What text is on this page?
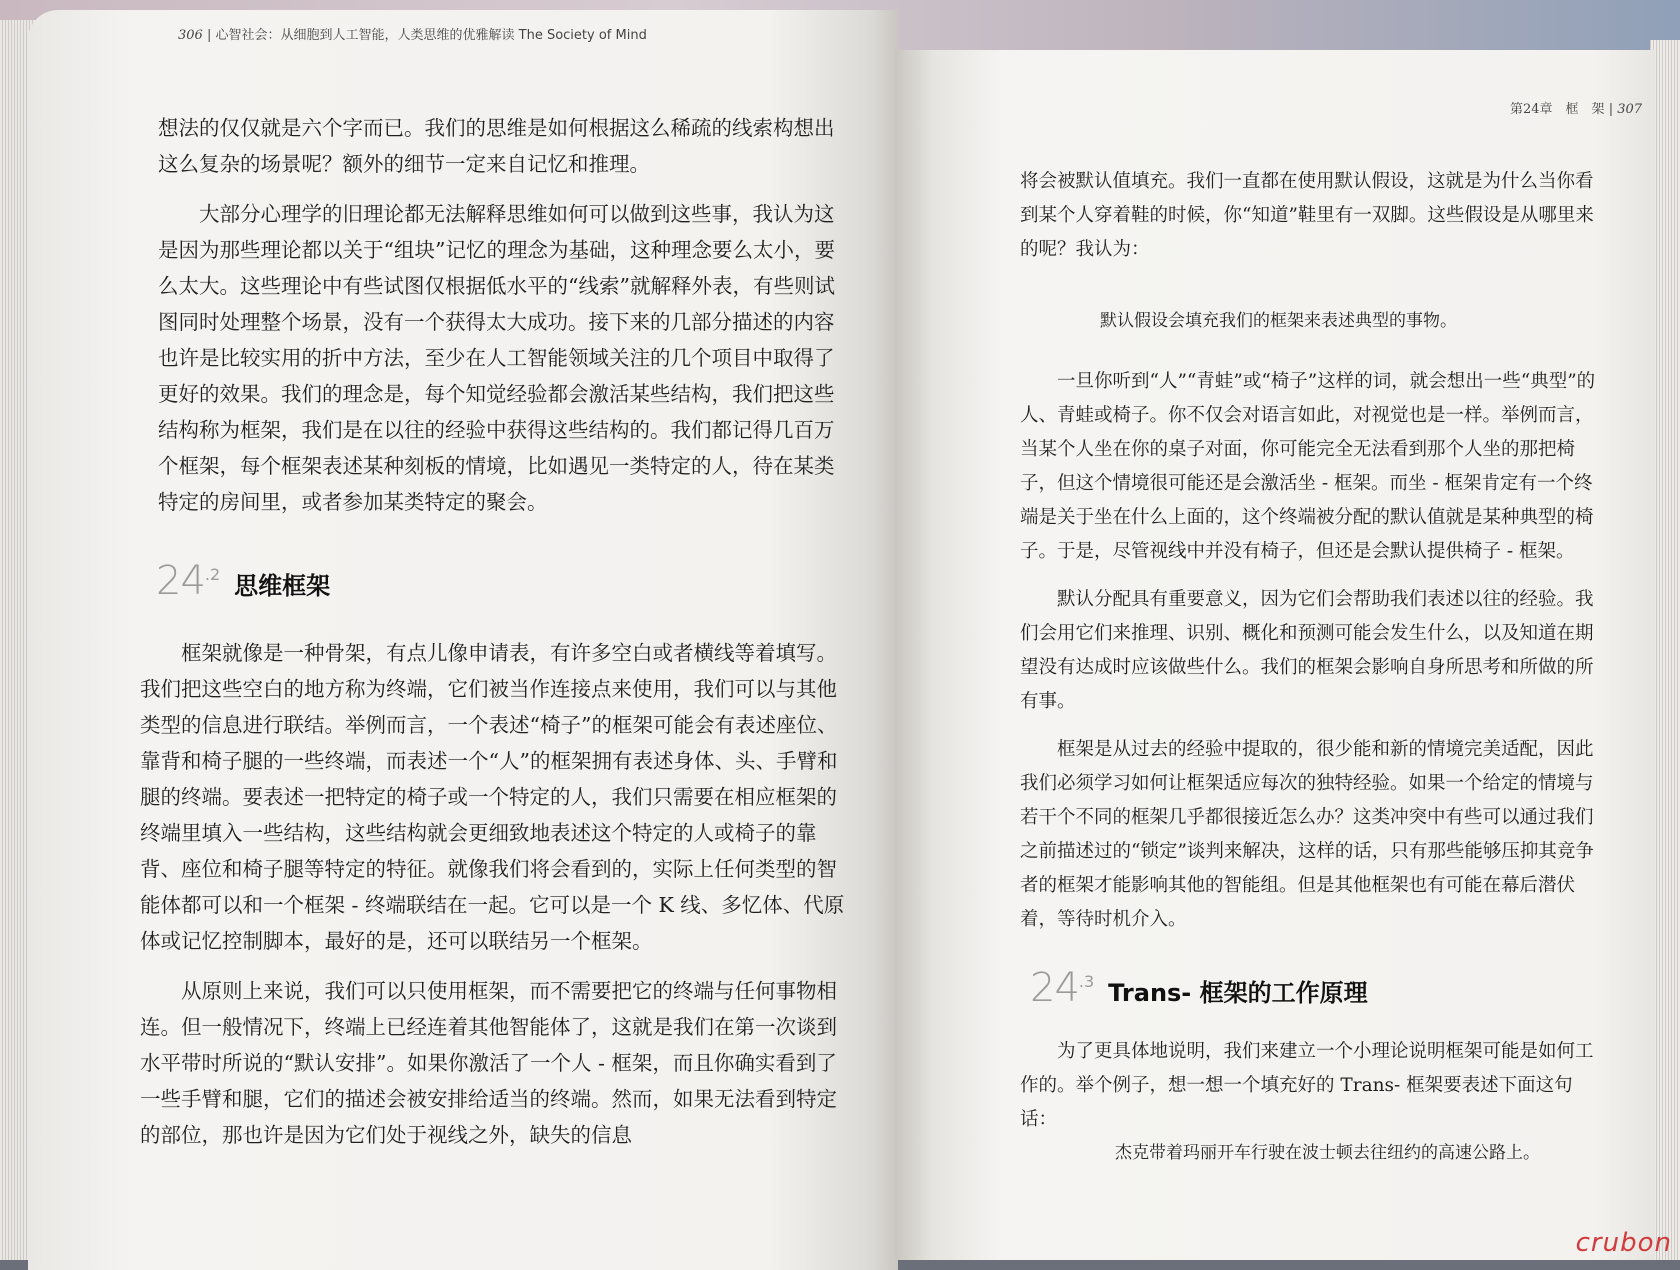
306 | 心智社会：从细胞到人工智能，人类思维的优雅解读 The Society of Mind

想法的仅仅就是六个字而已。我们的思维是如何根据这么稀疏的线索构想出这么复杂的场景呢？额外的细节一定来自记忆和推理。

大部分心理学的旧理论都无法解释思维如何可以做到这些事，我认为这是因为那些理论都以关于“组块”记忆的理念为基础，这种理念要么太小，要么太大。这些理论中有些试图仅根据低水平的“线索”就解释外表，有些则试图同时处理整个场景，没有一个获得太大成功。接下来的几部分描述的内容也许是比较实用的折中方法，至少在人工智能领域关注的几个项目中取得了更好的效果。我们的理念是，每个知觉经验都会激活某些结构，我们把这些结构称为框架，我们是在以往的经验中获得这些结构的。我们都记得几百万个框架，每个框架表述某种刻板的情境，比如遇见一类特定的人，待在某类特定的房间里，或者参加某类特定的聚会。

24 .2 思维框架

框架就像是一种骨架，有点儿像申请表，有许多空白或者横线等着填写。我们把这些空白的地方称为终端，它们被当作连接点来使用，我们可以与其他类型的信息进行联结。举例而言，一个表述“椅子”的框架可能会有表述座位、靠背和椅子腿的一些终端，而表述一个“人”的框架拥有表述身体、头、手臂和腿的终端。要表述一把特定的椅子或一个特定的人，我们只需要在相应框架的终端里填入一些结构，这些结构就会更细致地表述这个特定的人或椅子的靠背、座位和椅子腿等特定的特征。就像我们将会看到的，实际上任何类型的智能体都可以和一个框架 - 终端联结在一起。它可以是一个 K 线、多忆体、代原体或记忆控制脚本，最好的是，还可以联结另一个框架。

从原则上来说，我们可以只使用框架，而不需要把它的终端与任何事物相连。但一般情况下，终端上已经连着其他智能体了，这就是我们在第一次谈到水平带时所说的“默认安排”。如果你激活了一个人 - 框架，而且你确实看到了一些手臂和腿，它们的描述会被安排给适当的终端。然而，如果无法看到特定的部位，那也许是因为它们处于视线之外，缺失的信息

第24章　框　架 | 307

将会被默认值填充。我们一直都在使用默认假设，这就是为什么当你看到某个人穿着鞋的时候，你“知道”鞋里有一双脚。这些假设是从哪里来的呢？我认为：

默认假设会填充我们的框架来表述典型的事物。

一旦你听到“人”“青蛙”或“椅子”这样的词，就会想出一些“典型”的人、青蛙或椅子。你不仅会对语言如此，对视觉也是一样。举例而言，当某个人坐在你的桌子对面，你可能完全无法看到那个人坐的那把椅子，但这个情境很可能还是会激活坐 - 框架。而坐 - 框架肯定有一个终端是关于坐在什么上面的，这个终端被分配的默认值就是某种典型的椅子。于是，尽管视线中并没有椅子，但还是会默认提供椅子 - 框架。

默认分配具有重要意义，因为它们会帮助我们表述以往的经验。我们会用它们来推理、识别、概化和预测可能会发生什么，以及知道在期望没有达成时应该做些什么。我们的框架会影响自身所思考和所做的所有事。

框架是从过去的经验中提取的，很少能和新的情境完美适配，因此我们必须学习如何让框架适应每次的独特经验。如果一个给定的情境与若干个不同的框架几乎都很接近怎么办？这类冲突中有些可以通过我们之前描述过的“锁定”谈判来解决，这样的话，只有那些能够压抑其竞争者的框架才能影响其他的智能组。但是其他框架也有可能在幕后潜伏着，等待时机介入。

24 .3 Trans- 框架的工作原理

为了更具体地说明，我们来建立一个小理论说明框架可能是如何工作的。举个例子，想一想一个填充好的 Trans- 框架要表述下面这句话：

杰克带着玛丽开车行驶在波士顿去往纽约的高速公路上。
crubon
